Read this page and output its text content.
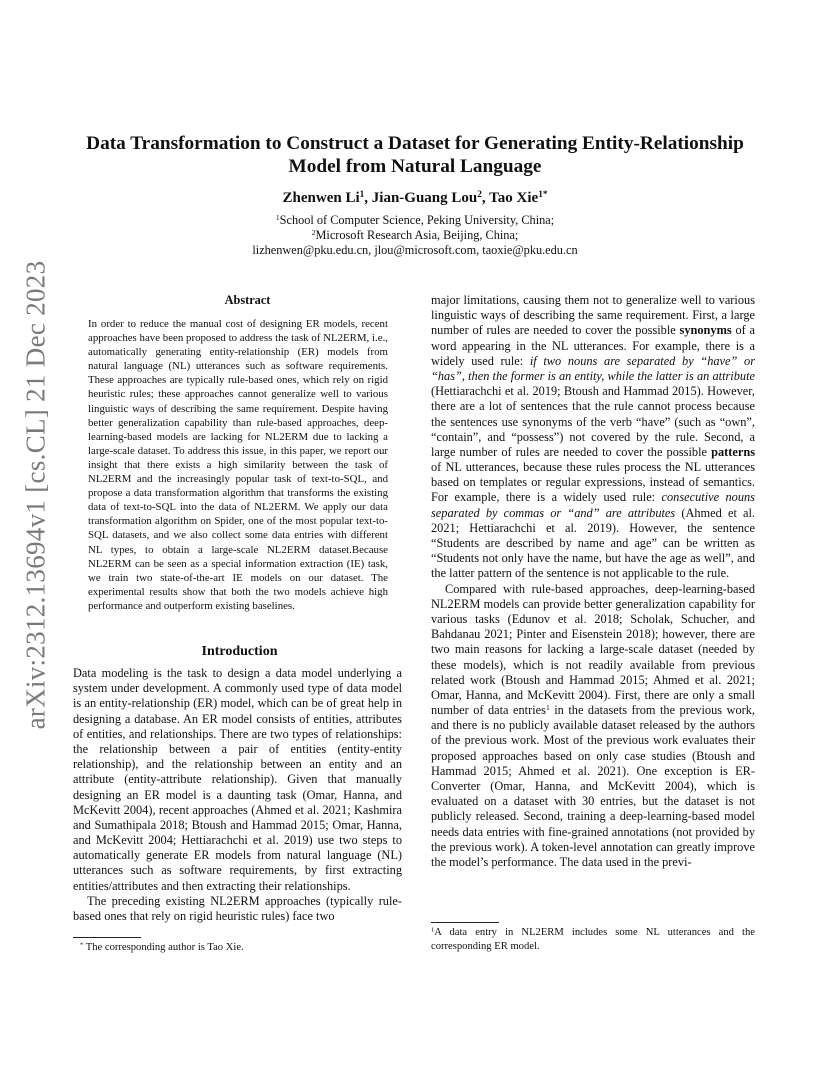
arXiv:2312.13694v1 [cs.CL] 21 Dec 2023
Data Transformation to Construct a Dataset for Generating Entity-Relationship Model from Natural Language
Zhenwen Li$^1$, Jian-Guang Lou$^2$, Tao Xie$^{1*}$
$^1$School of Computer Science, Peking University, China;
$^2$Microsoft Research Asia, Beijing, China;
lizhenwen@pku.edu.cn, jlou@microsoft.com, taoxie@pku.edu.cn
Abstract
In order to reduce the manual cost of designing ER models, recent approaches have been proposed to address the task of NL2ERM, i.e., automatically generating entity-relationship (ER) models from natural language (NL) utterances such as software requirements. These approaches are typically rule-based ones, which rely on rigid heuristic rules; these approaches cannot generalize well to various linguistic ways of describing the same requirement. Despite having better generalization capability than rule-based approaches, deep-learning-based models are lacking for NL2ERM due to lacking a large-scale dataset. To address this issue, in this paper, we report our insight that there exists a high similarity between the task of NL2ERM and the increasingly popular task of text-to-SQL, and propose a data transformation algorithm that transforms the existing data of text-to-SQL into the data of NL2ERM. We apply our data transformation algorithm on Spider, one of the most popular text-to-SQL datasets, and we also collect some data entries with different NL types, to obtain a large-scale NL2ERM dataset.Because NL2ERM can be seen as a special information extraction (IE) task, we train two state-of-the-art IE models on our dataset. The experimental results show that both the two models achieve high performance and outperform existing baselines.
Introduction

Data modeling is the task to design a data model underlying a system under development. A commonly used type of data model is an entity-relationship (ER) model, which can be of great help in designing a database. An ER model consists of entities, attributes of entities, and relationships. There are two types of relationships: the relationship between a pair of entities (entity-entity relationship), and the relationship between an entity and an attribute (entity-attribute relationship). Given that manually designing an ER model is a daunting task (Omar, Hanna, and McKevitt 2004), recent approaches (Ahmed et al. 2021; Kashmira and Sumathipala 2018; Btoush and Hammad 2015; Omar, Hanna, and McKevitt 2004; Hettiarachchi et al. 2019) use two steps to automatically generate ER models from natural language (NL) utterances such as software requirements, by first extracting entities/attributes and then extracting their relationships.

The preceding existing NL2ERM approaches (typically rule-based ones that rely on rigid heuristic rules) face two

* The corresponding author is Tao Xie.

major limitations, causing them not to generalize well to various linguistic ways of describing the same requirement. First, a large number of rules are needed to cover the possible synonyms of a word appearing in the NL utterances. For example, there is a widely used rule: if two nouns are separated by “have” or “has”, then the former is an entity, while the latter is an attribute (Hettiarachchi et al. 2019; Btoush and Hammad 2015). However, there are a lot of sentences that the rule cannot process because the sentences use synonyms of the verb “have” (such as “own”, “contain”, and “possess”) not covered by the rule. Second, a large number of rules are needed to cover the possible patterns of NL utterances, because these rules process the NL utterances based on templates or regular expressions, instead of semantics. For example, there is a widely used rule: consecutive nouns separated by commas or “and” are attributes (Ahmed et al. 2021; Hettiarachchi et al. 2019). However, the sentence “Students are described by name and age” can be written as “Students not only have the name, but have the age as well”, and the latter pattern of the sentence is not applicable to the rule.

Compared with rule-based approaches, deep-learning-based NL2ERM models can provide better generalization capability for various tasks (Edunov et al. 2018; Scholak, Schucher, and Bahdanau 2021; Pinter and Eisenstein 2018); however, there are two main reasons for lacking a large-scale dataset (needed by these models), which is not readily available from previous related work (Btoush and Hammad 2015; Ahmed et al. 2021; Omar, Hanna, and McKevitt 2004). First, there are only a small number of data entries$^1$ in the datasets from the previous work, and there is no publicly available dataset released by the authors of the previous work. Most of the previous work evaluates their proposed approaches based on only case studies (Btoush and Hammad 2015; Ahmed et al. 2021). One exception is ER-Converter (Omar, Hanna, and McKevitt 2004), which is evaluated on a dataset with 30 entries, but the dataset is not publicly released. Second, training a deep-learning-based model needs data entries with fine-grained annotations (not provided by the previous work). A token-level annotation can greatly improve the model’s performance. The data used in the previ-

$^1$A data entry in NL2ERM includes some NL utterances and the corresponding ER model.
